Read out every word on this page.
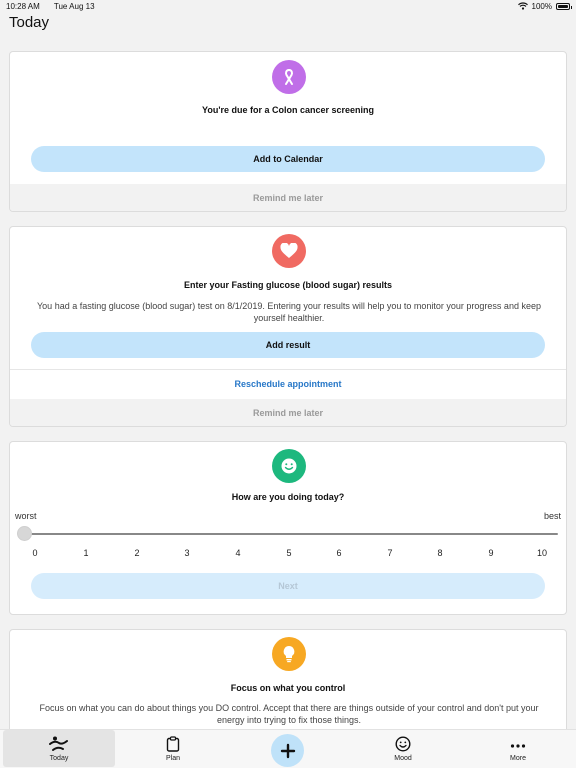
10:28 AM Tue Aug 13	100%
Today
You're due for a Colon cancer screening
Add to Calendar
Remind me later
Enter your Fasting glucose (blood sugar) results
You had a fasting glucose (blood sugar) test on 8/1/2019. Entering your results will help you to monitor your progress and keep yourself healthier.
Add result
Reschedule appointment
Remind me later
How are you doing today?
worst	best
0	1	2	3	4	5	6	7	8	9	10
Next
Focus on what you control
Focus on what you can do about things you DO control. Accept that there are things outside of your control and don't put your energy into trying to fix those things.
Today	Plan	Mood	More
